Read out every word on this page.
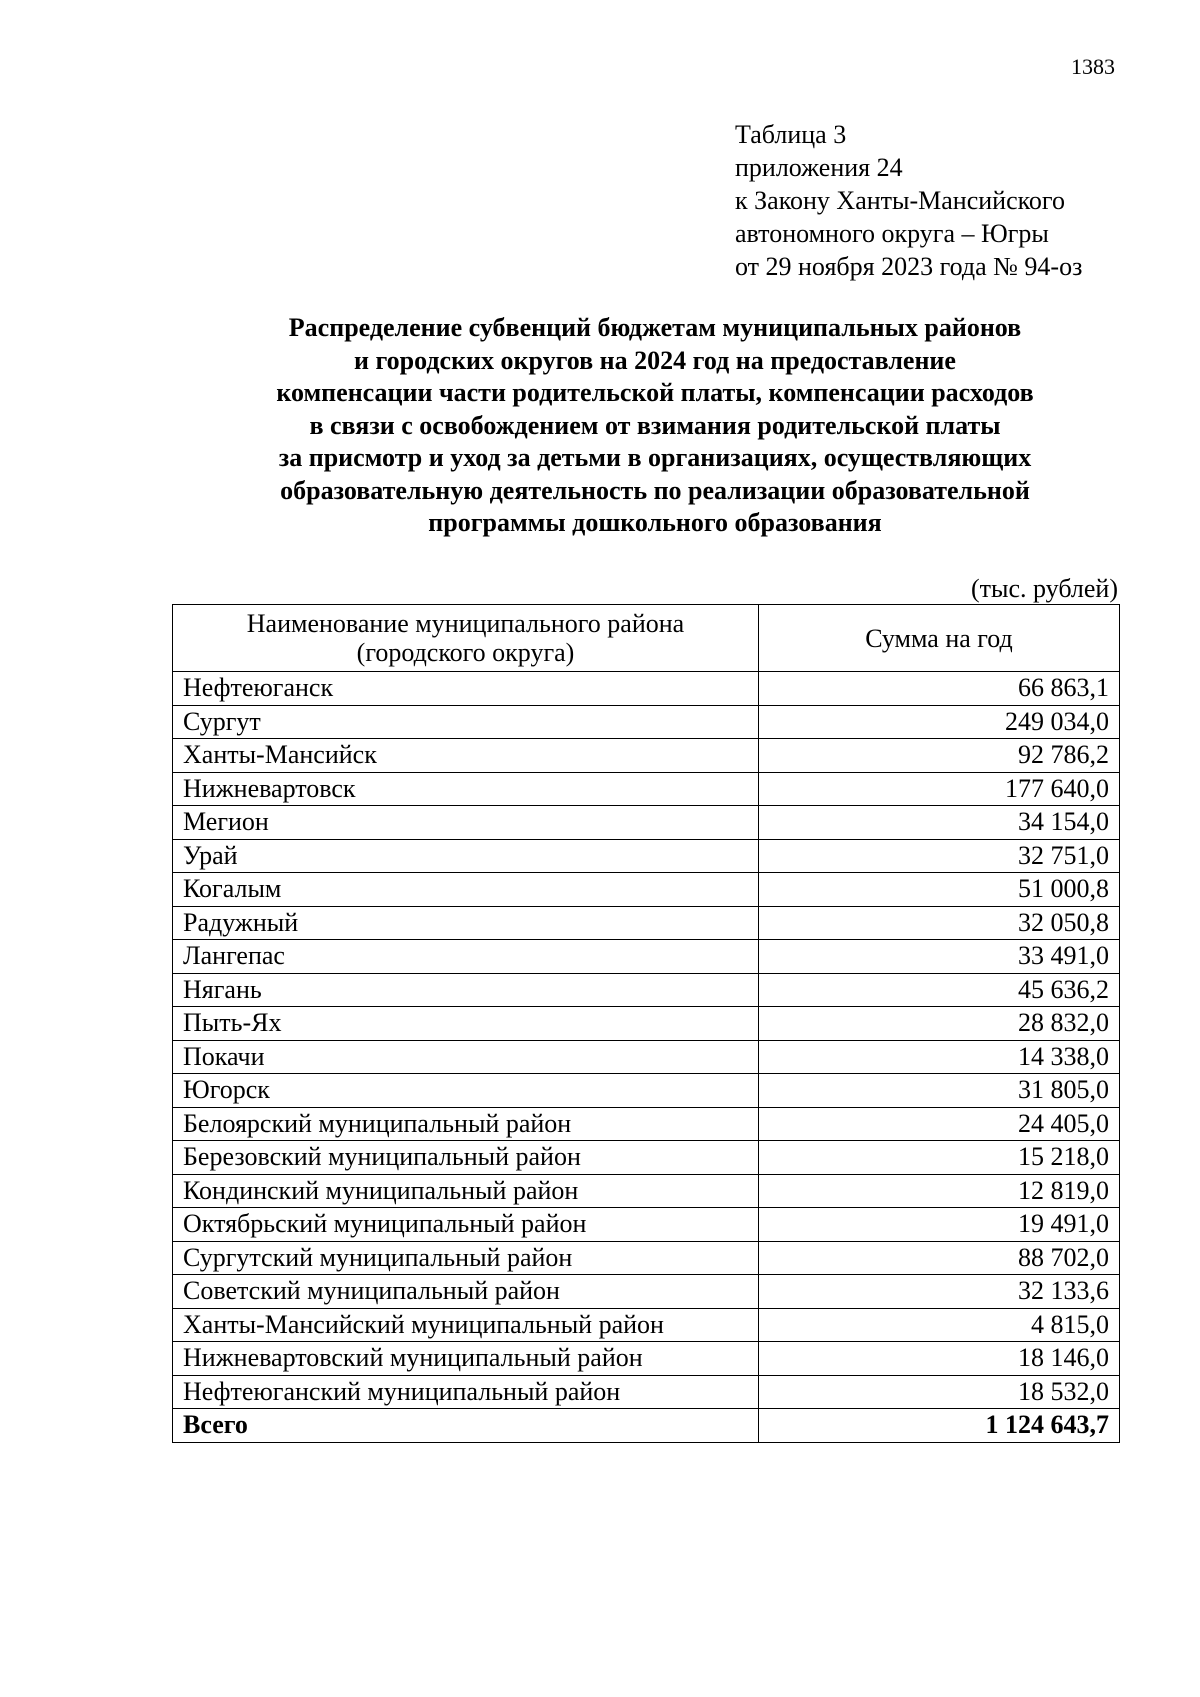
1383
Таблица 3
приложения 24
к Закону Ханты-Мансийского
автономного округа – Югры
от 29 ноября 2023 года № 94-оз
Распределение субвенций бюджетам муниципальных районов
и городских округов на 2024 год на предоставление
компенсации части родительской платы, компенсации расходов
в связи с освобождением от взимания родительской платы
за присмотр и уход за детьми в организациях, осуществляющих
образовательную деятельность по реализации образовательной
программы дошкольного образования
(тыс. рублей)
Наименование муниципального района
(городского округа)	Сумма на год
Нефтеюганск	66 863,1
Сургут	249 034,0
Ханты-Мансийск	92 786,2
Нижневартовск	177 640,0
Мегион	34 154,0
Урай	32 751,0
Когалым	51 000,8
Радужный	32 050,8
Лангепас	33 491,0
Нягань	45 636,2
Пыть-Ях	28 832,0
Покачи	14 338,0
Югорск	31 805,0
Белоярский муниципальный район	24 405,0
Березовский муниципальный район	15 218,0
Кондинский муниципальный район	12 819,0
Октябрьский муниципальный район	19 491,0
Сургутский муниципальный район	88 702,0
Советский муниципальный район	32 133,6
Ханты-Мансийский муниципальный район	4 815,0
Нижневартовский муниципальный район	18 146,0
Нефтеюганский муниципальный район	18 532,0
Всего	1 124 643,7
